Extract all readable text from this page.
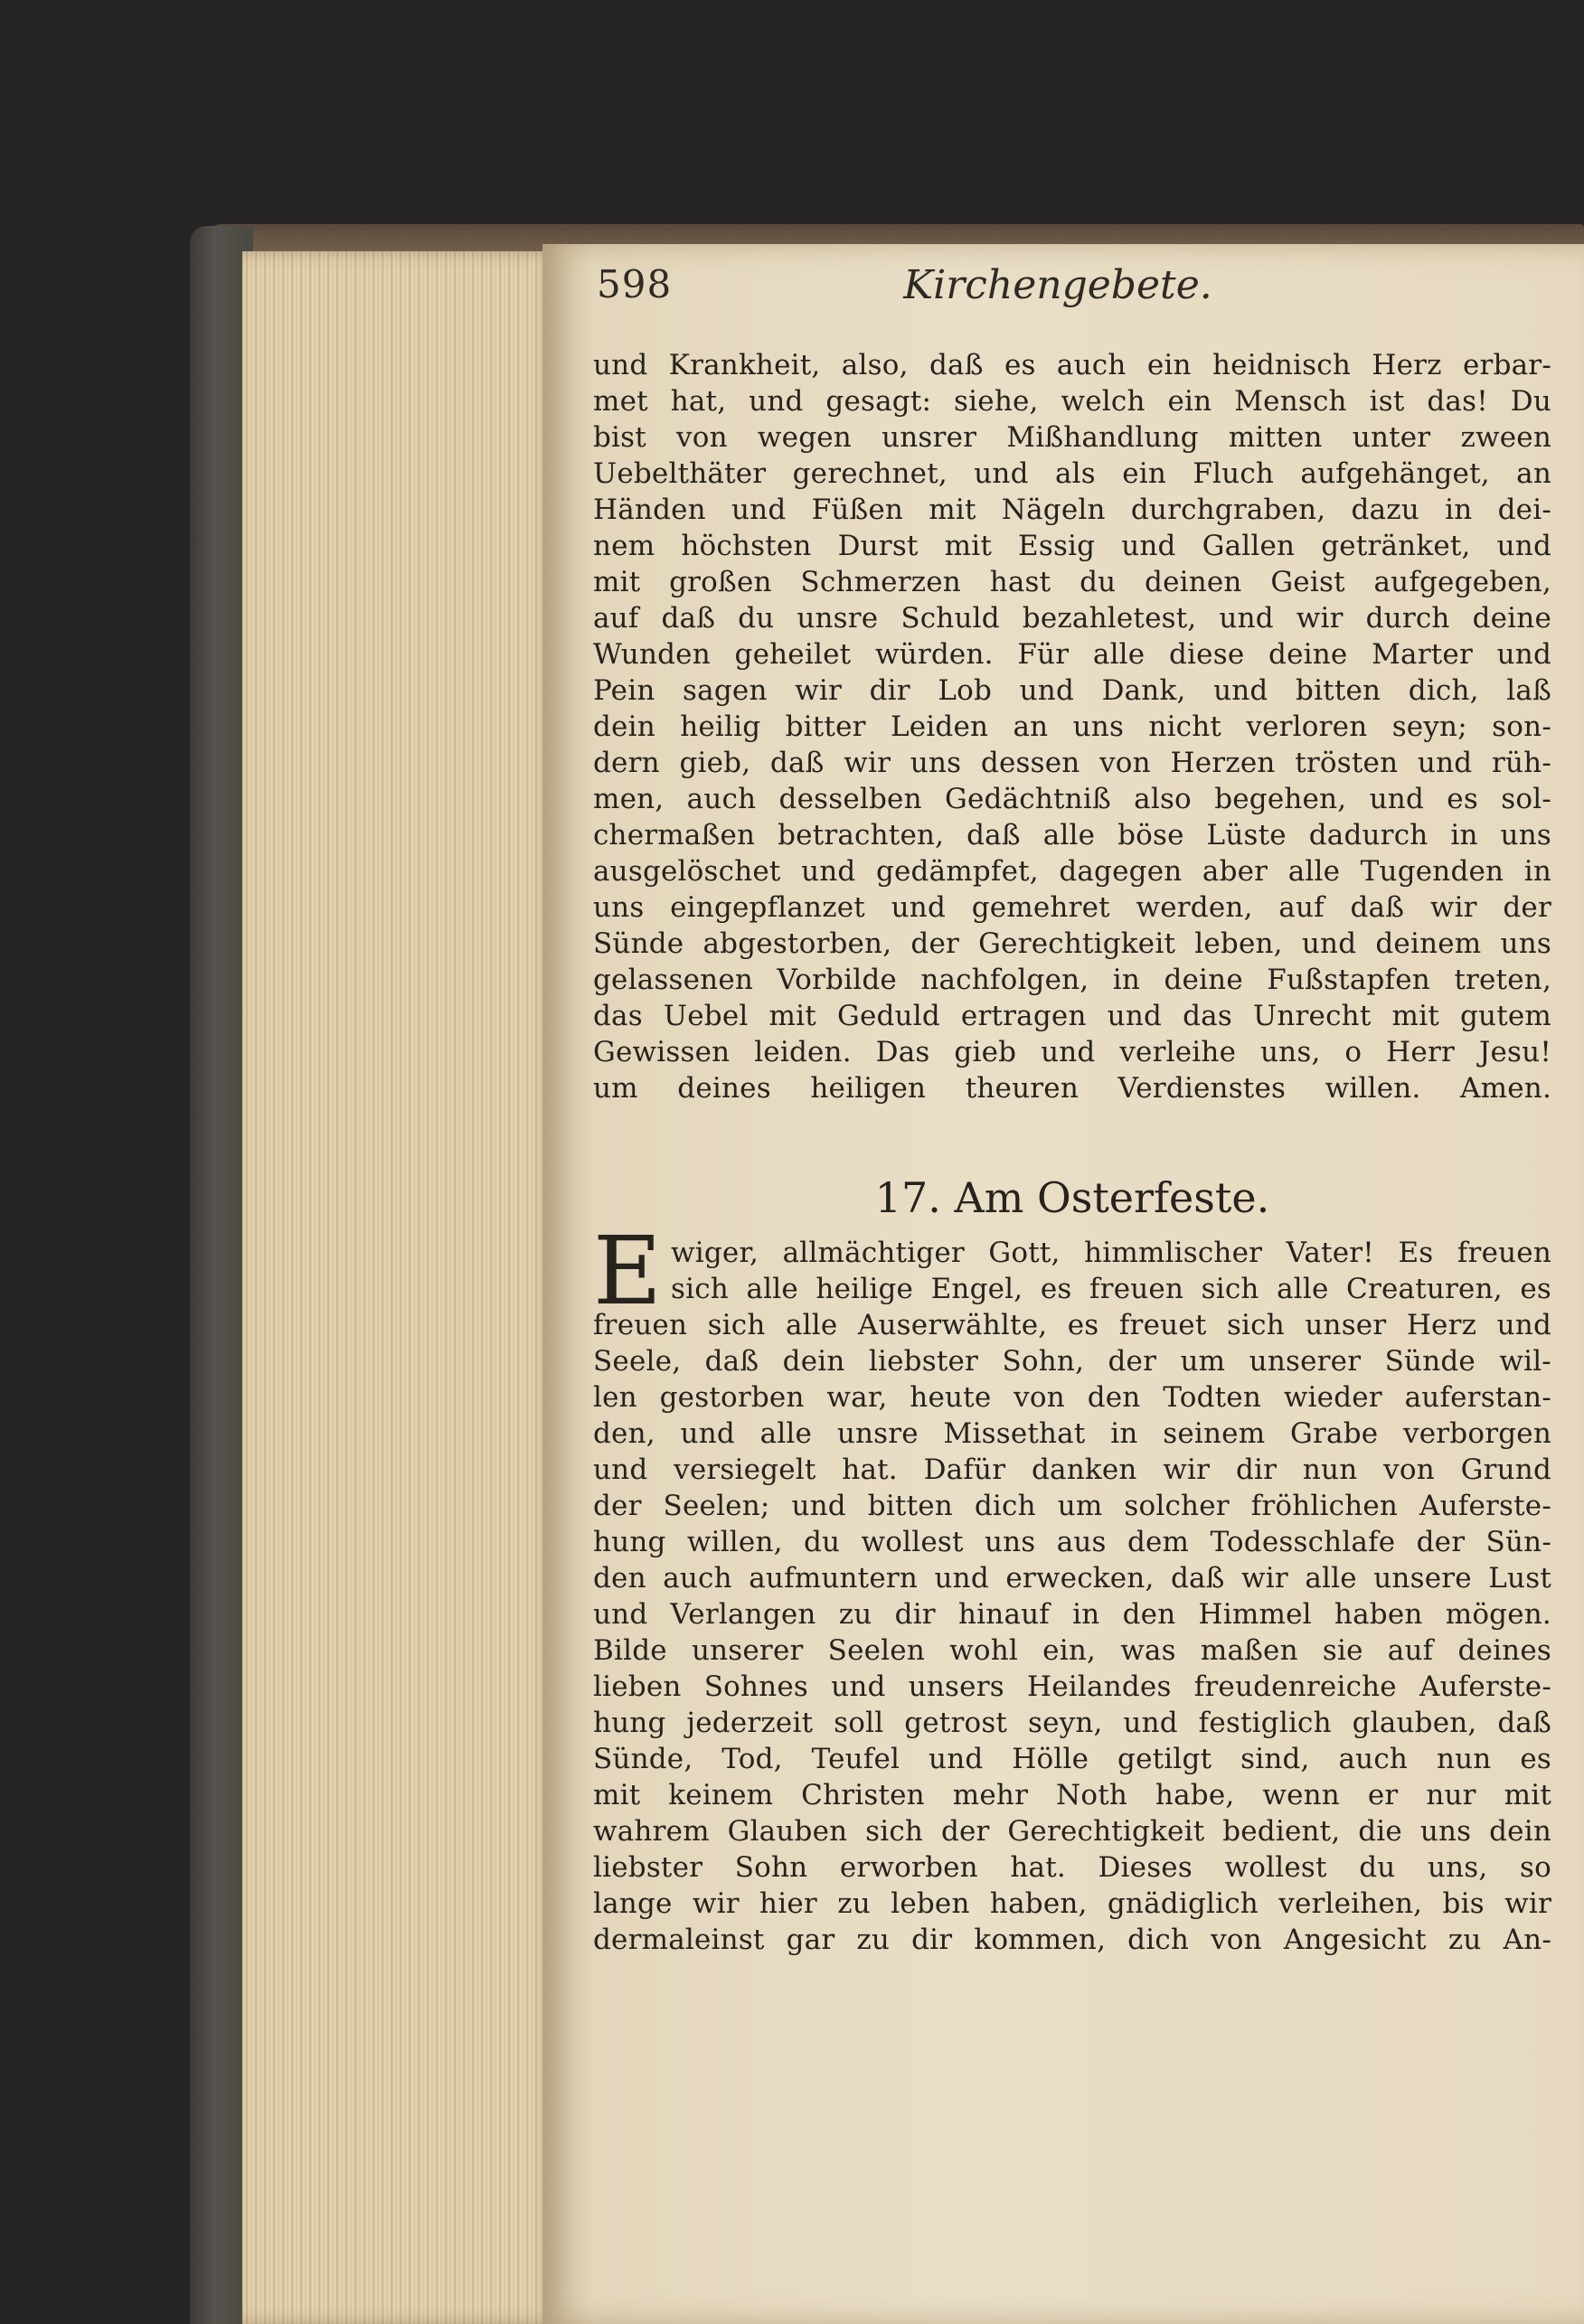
598	Kirchengebete.
und Krankheit, also, daß es auch ein heidnisch Herz erbar-
met hat, und gesagt: siehe, welch ein Mensch ist das! Du
bist von wegen unsrer Mißhandlung mitten unter zween
Uebelthäter gerechnet, und als ein Fluch aufgehänget, an
Händen und Füßen mit Nägeln durchgraben, dazu in dei-
nem höchsten Durst mit Essig und Gallen getränket, und
mit großen Schmerzen hast du deinen Geist aufgegeben,
auf daß du unsre Schuld bezahletest, und wir durch deine
Wunden geheilet würden. Für alle diese deine Marter und
Pein sagen wir dir Lob und Dank, und bitten dich, laß
dein heilig bitter Leiden an uns nicht verloren seyn; son-
dern gieb, daß wir uns dessen von Herzen trösten und rüh-
men, auch desselben Gedächtniß also begehen, und es sol-
chermaßen betrachten, daß alle böse Lüste dadurch in uns
ausgelöschet und gedämpfet, dagegen aber alle Tugenden in
uns eingepflanzet und gemehret werden, auf daß wir der
Sünde abgestorben, der Gerechtigkeit leben, und deinem uns
gelassenen Vorbilde nachfolgen, in deine Fußstapfen treten,
das Uebel mit Geduld ertragen und das Unrecht mit gutem
Gewissen leiden. Das gieb und verleihe uns, o Herr Jesu!
um deines heiligen theuren Verdienstes willen. Amen.
17. Am Osterfeste.
E wiger, allmächtiger Gott, himmlischer Vater! Es freuen
sich alle heilige Engel, es freuen sich alle Creaturen, es
freuen sich alle Auserwählte, es freuet sich unser Herz und
Seele, daß dein liebster Sohn, der um unserer Sünde wil-
len gestorben war, heute von den Todten wieder auferstan-
den, und alle unsre Missethat in seinem Grabe verborgen
und versiegelt hat. Dafür danken wir dir nun von Grund
der Seelen; und bitten dich um solcher fröhlichen Auferste-
hung willen, du wollest uns aus dem Todesschlafe der Sün-
den auch aufmuntern und erwecken, daß wir alle unsere Lust
und Verlangen zu dir hinauf in den Himmel haben mögen.
Bilde unserer Seelen wohl ein, was maßen sie auf deines
lieben Sohnes und unsers Heilandes freudenreiche Auferste-
hung jederzeit soll getrost seyn, und festiglich glauben, daß
Sünde, Tod, Teufel und Hölle getilgt sind, auch nun es
mit keinem Christen mehr Noth habe, wenn er nur mit
wahrem Glauben sich der Gerechtigkeit bedient, die uns dein
liebster Sohn erworben hat. Dieses wollest du uns, so
lange wir hier zu leben haben, gnädiglich verleihen, bis wir
dermaleinst gar zu dir kommen, dich von Angesicht zu An-
